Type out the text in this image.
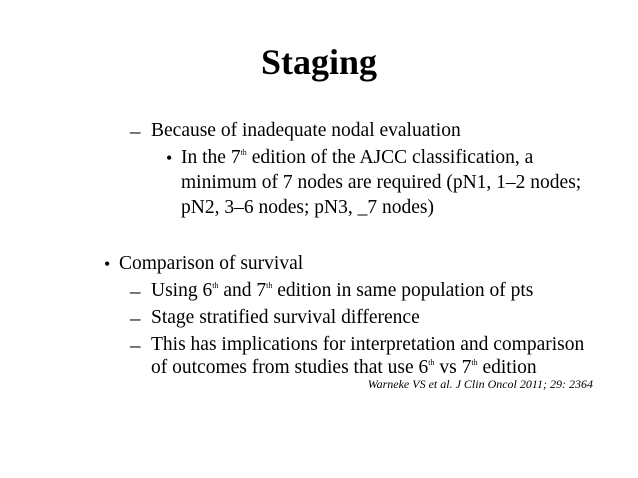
Staging
– Because of inadequate nodal evaluation
• In the 7th edition of the AJCC classification, a
minimum of 7 nodes are required (pN1, 1–2 nodes;
pN2, 3–6 nodes; pN3, _7 nodes)
• Comparison of survival
– Using 6th and 7th edition in same population of pts
– Stage stratified survival difference
– This has implications for interpretation and comparison
of outcomes from studies that use 6th vs 7th edition
Warneke VS et al. J Clin Oncol 2011; 29: 2364
